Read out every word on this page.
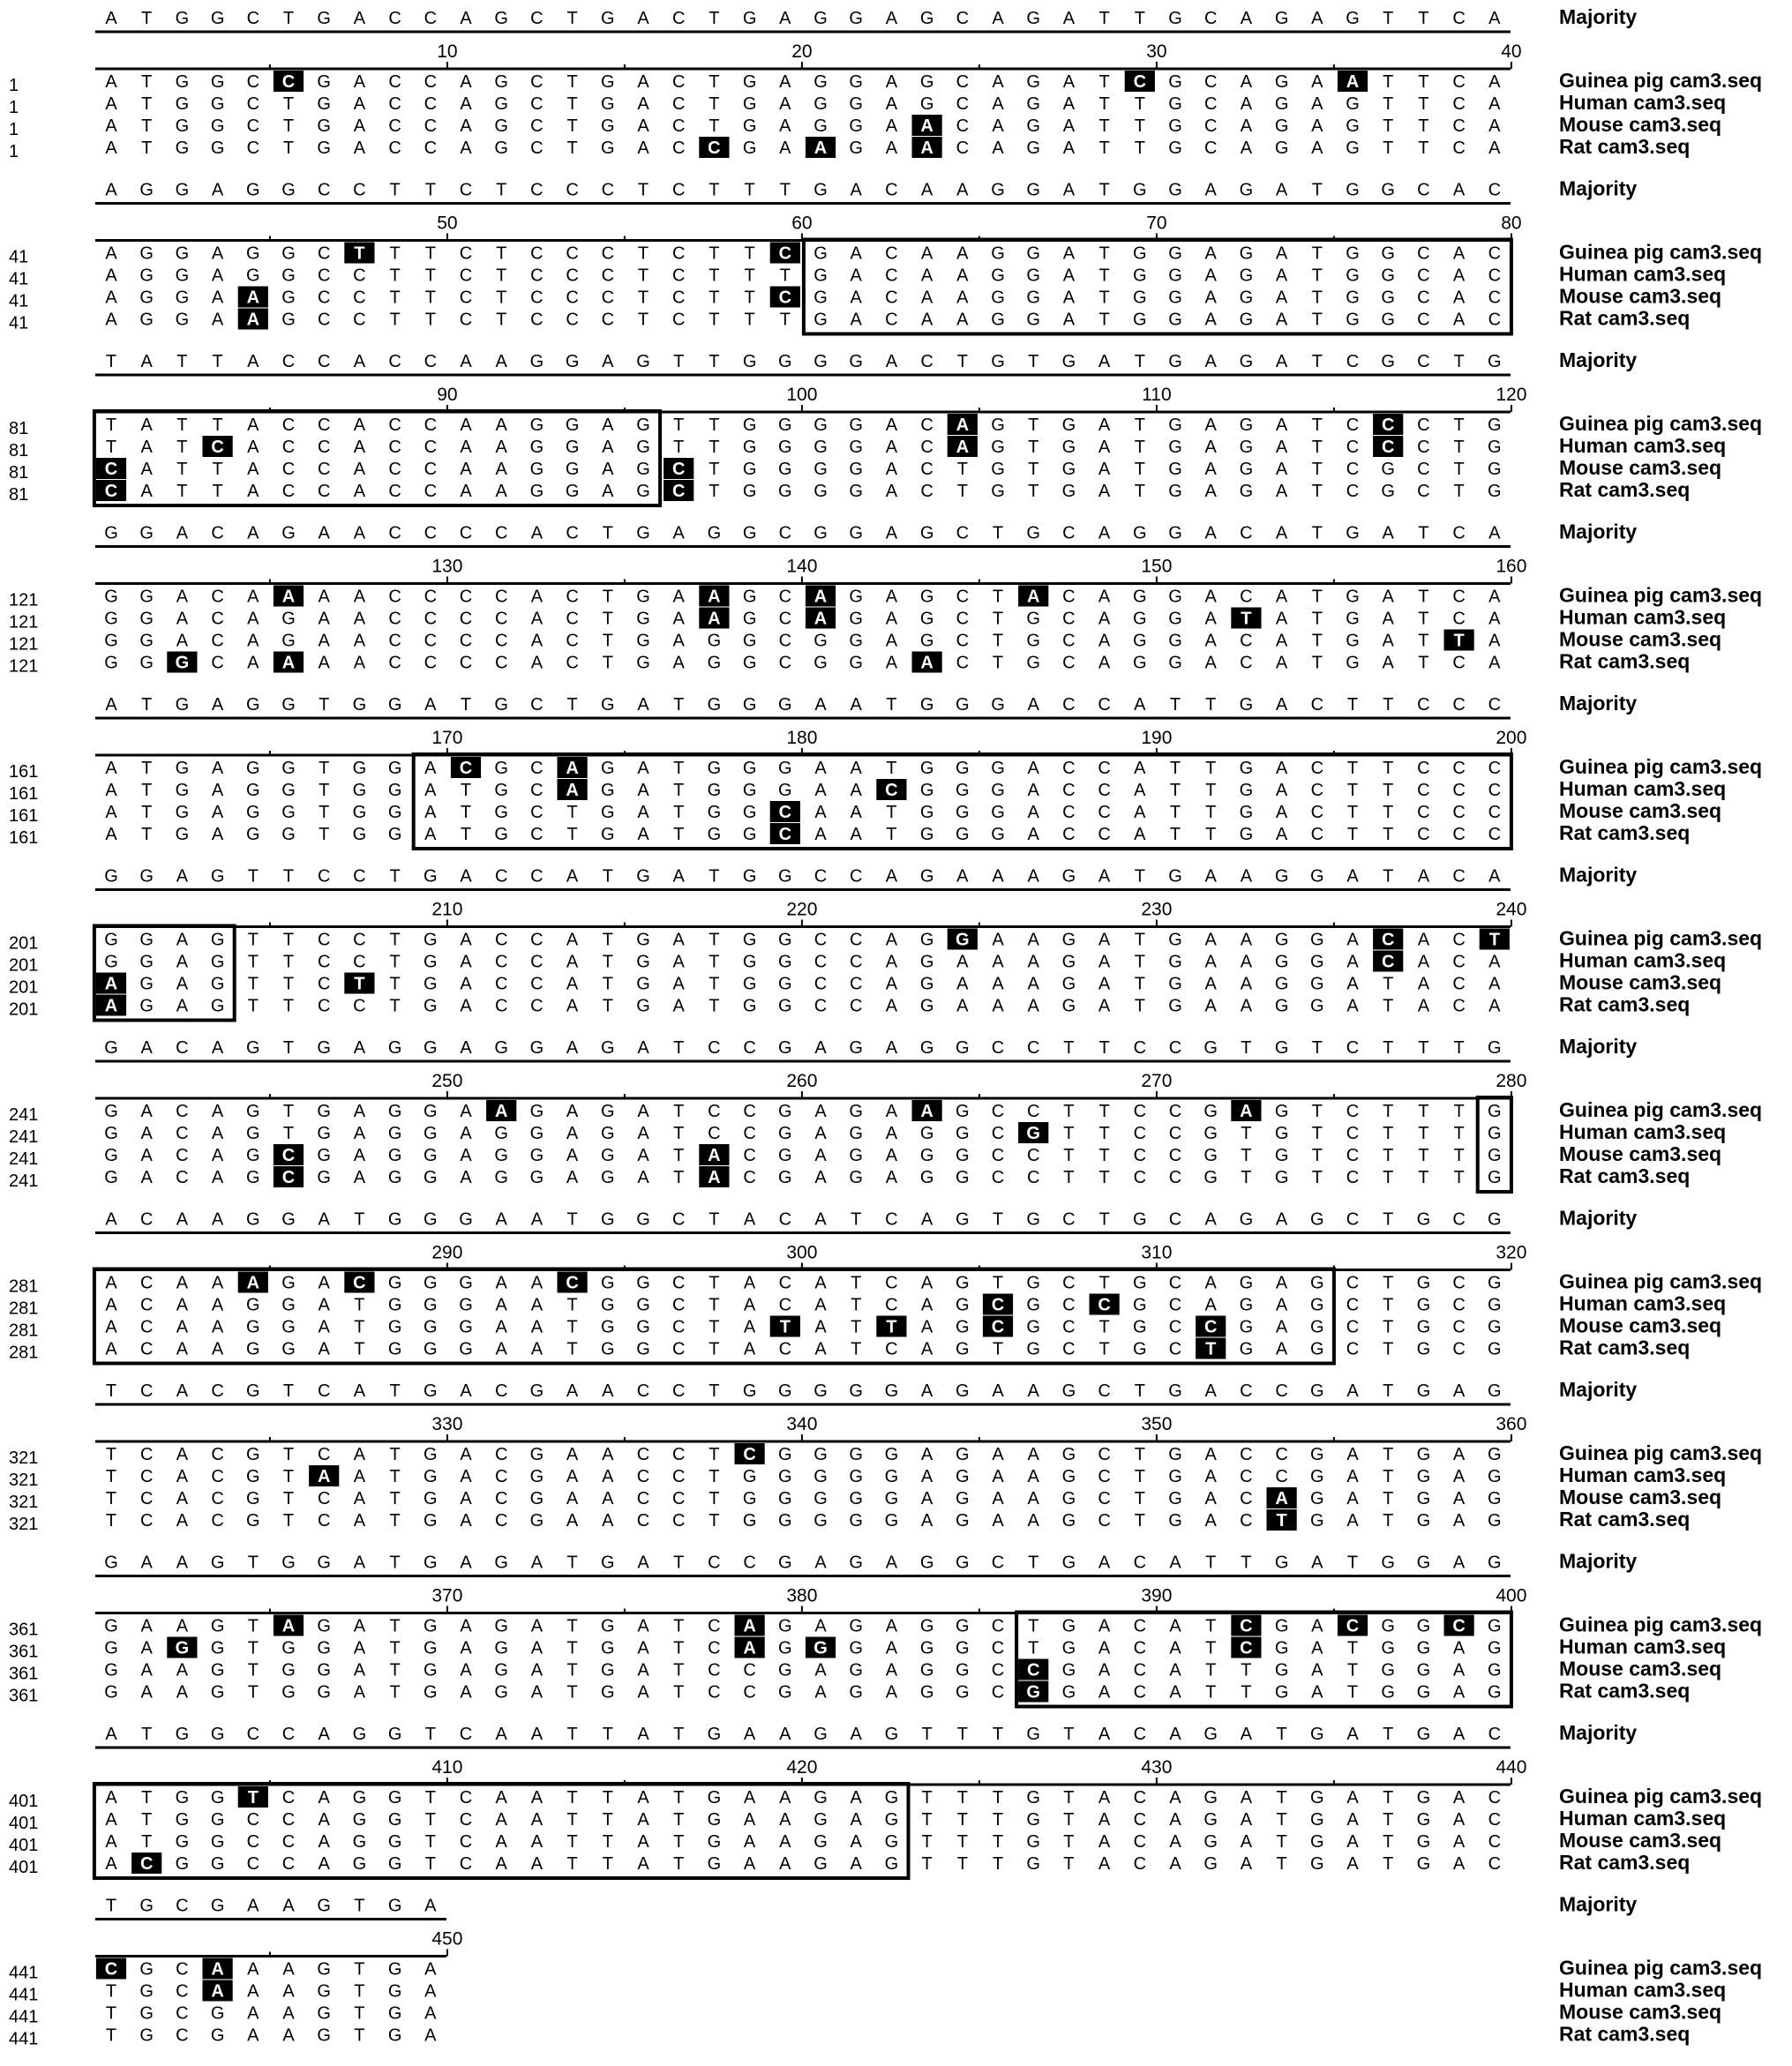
A T G G C T G A C C A G C T G A C T G A G G A G C A G A T T G C A G A G T T C A	Majority
10	20	30	40
1	A T G G C C G A C C A G C T G A C T G A G G A G C A G A T C G C A G A A T T C A	Guinea pig cam3.seq
1	A T G G C T G A C C A G C T G A C T G A G G A G C A G A T T G C A G A G T T C A	Human cam3.seq
1	A T G G C T G A C C A G C T G A C T G A G G A A C A G A T T G C A G A G T T C A	Mouse cam3.seq
1	A T G G C T G A C C A G C T G A C C G A A G A A C A G A T T G C A G A G T T C A	Rat cam3.seq
A G G A G G C C T T C T C C C T C T T T G A C A A G G A T G G A G A T G G C A C	Majority
50	60	70	80
41	A G G A G G C T T T C T C C C T C T T C G A C A A G G A T G G A G A T G G C A C	Guinea pig cam3.seq
41	A G G A G G C C T T C T C C C T C T T T G A C A A G G A T G G A G A T G G C A C	Human cam3.seq
41	A G G A A G C C T T C T C C C T C T T C G A C A A G G A T G G A G A T G G C A C	Mouse cam3.seq
41	A G G A A G C C T T C T C C C T C T T T G A C A A G G A T G G A G A T G G C A C	Rat cam3.seq
T A T T A C C A C C A A G G A G T T G G G G A C T G T G A T G A G A T C G C T G	Majority
90	100	110	120
81	T A T T A C C A C C A A G G A G T T G G G G A C A G T G A T G A G A T C C C T G	Guinea pig cam3.seq
81	T A T C A C C A C C A A G G A G T T G G G G A C A G T G A T G A G A T C C C T G	Human cam3.seq
81	C A T T A C C A C C A A G G A G C T G G G G A C T G T G A T G A G A T C G C T G	Mouse cam3.seq
81	C A T T A C C A C C A A G G A G C T G G G G A C T G T G A T G A G A T C G C T G	Rat cam3.seq
G G A C A G A A C C C C A C T G A G G C G G A G C T G C A G G A C A T G A T C A	Majority
130	140	150	160
121	G G A C A A A A C C C C A C T G A A G C A G A G C T A C A G G A C A T G A T C A	Guinea pig cam3.seq
121	G G A C A G A A C C C C A C T G A A G C A G A G C T G C A G G A T A T G A T C A	Human cam3.seq
121	G G A C A G A A C C C C A C T G A G G C G G A G C T G C A G G A C A T G A T T A	Mouse cam3.seq
121	G G G C A A A A C C C C A C T G A G G C G G A A C T G C A G G A C A T G A T C A	Rat cam3.seq
A T G A G G T G G A T G C T G A T G G G A A T G G G A C C A T T G A C T T C C C	Majority
170	180	190	200
161	A T G A G G T G G A C G C A G A T G G G A A T G G G A C C A T T G A C T T C C C	Guinea pig cam3.seq
161	A T G A G G T G G A T G C A G A T G G G A A C G G G A C C A T T G A C T T C C C	Human cam3.seq
161	A T G A G G T G G A T G C T G A T G G C A A T G G G A C C A T T G A C T T C C C	Mouse cam3.seq
161	A T G A G G T G G A T G C T G A T G G C A A T G G G A C C A T T G A C T T C C C	Rat cam3.seq
G G A G T T C C T G A C C A T G A T G G C C A G A A A G A T G A A G G A T A C A	Majority
210	220	230	240
201	G G A G T T C C T G A C C A T G A T G G C C A G G A A G A T G A A G G A C A C T	Guinea pig cam3.seq
201	G G A G T T C C T G A C C A T G A T G G C C A G A A A G A T G A A G G A C A C A	Human cam3.seq
201	A G A G T T C T T G A C C A T G A T G G C C A G A A A G A T G A A G G A T A C A	Mouse cam3.seq
201	A G A G T T C C T G A C C A T G A T G G C C A G A A A G A T G A A G G A T A C A	Rat cam3.seq
G A C A G T G A G G A G G A G A T C C G A G A G G C C T T C C G T G T C T T T G	Majority
250	260	270	280
241	G A C A G T G A G G A A G A G A T C C G A G A A G C C T T C C G A G T C T T T G	Guinea pig cam3.seq
241	G A C A G T G A G G A G G A G A T C C G A G A G G C G T T C C G T G T C T T T G	Human cam3.seq
241	G A C A G C G A G G A G G A G A T A C G A G A G G C C T T C C G T G T C T T T G	Mouse cam3.seq
241	G A C A G C G A G G A G G A G A T A C G A G A G G C C T T C C G T G T C T T T G	Rat cam3.seq
A C A A G G A T G G G A A T G G C T A C A T C A G T G C T G C A G A G C T G C G	Majority
290	300	310	320
281	A C A A A G A C G G G A A C G G C T A C A T C A G T G C T G C A G A G C T G C G	Guinea pig cam3.seq
281	A C A A G G A T G G G A A T G G C T A C A T C A G C G C C G C A G A G C T G C G	Human cam3.seq
281	A C A A G G A T G G G A A T G G C T A T A T T A G C G C T G C C G A G C T G C G	Mouse cam3.seq
281	A C A A G G A T G G G A A T G G C T A C A T C A G T G C T G C T G A G C T G C G	Rat cam3.seq
T C A C G T C A T G A C G A A C C T G G G G G A G A A G C T G A C C G A T G A G	Majority
330	340	350	360
321	T C A C G T C A T G A C G A A C C T C G G G G A G A A G C T G A C C G A T G A G	Guinea pig cam3.seq
321	T C A C G T A A T G A C G A A C C T G G G G G A G A A G C T G A C C G A T G A G	Human cam3.seq
321	T C A C G T C A T G A C G A A C C T G G G G G A G A A G C T G A C A G A T G A G	Mouse cam3.seq
321	T C A C G T C A T G A C G A A C C T G G G G G A G A A G C T G A C T G A T G A G	Rat cam3.seq
G A A G T G G A T G A G A T G A T C C G A G A G G C T G A C A T T G A T G G A G	Majority
370	380	390	400
361	G A A G T A G A T G A G A T G A T C A G A G A G G C T G A C A T C G A C G G C G	Guinea pig cam3.seq
361	G A G G T G G A T G A G A T G A T C A G G G A G G C T G A C A T C G A T G G A G	Human cam3.seq
361	G A A G T G G A T G A G A T G A T C C G A G A G G C C G A C A T T G A T G G A G	Mouse cam3.seq
361	G A A G T G G A T G A G A T G A T C C G A G A G G C G G A C A T T G A T G G A G	Rat cam3.seq
A T G G C C A G G T C A A T T A T G A A G A G T T T G T A C A G A T G A T G A C	Majority
410	420	430	440
401	A T G G T C A G G T C A A T T A T G A A G A G T T T G T A C A G A T G A T G A C	Guinea pig cam3.seq
401	A T G G C C A G G T C A A T T A T G A A G A G T T T G T A C A G A T G A T G A C	Human cam3.seq
401	A T G G C C A G G T C A A T T A T G A A G A G T T T G T A C A G A T G A T G A C	Mouse cam3.seq
401	A C G G C C A G G T C A A T T A T G A A G A G T T T G T A C A G A T G A T G A C	Rat cam3.seq
T G C G A A G T G A	Majority
450
441	C G C A A A G T G A	Guinea pig cam3.seq
441	T G C A A A G T G A	Human cam3.seq
441	T G C G A A G T G A	Mouse cam3.seq
441	T G C G A A G T G A	Rat cam3.seq
